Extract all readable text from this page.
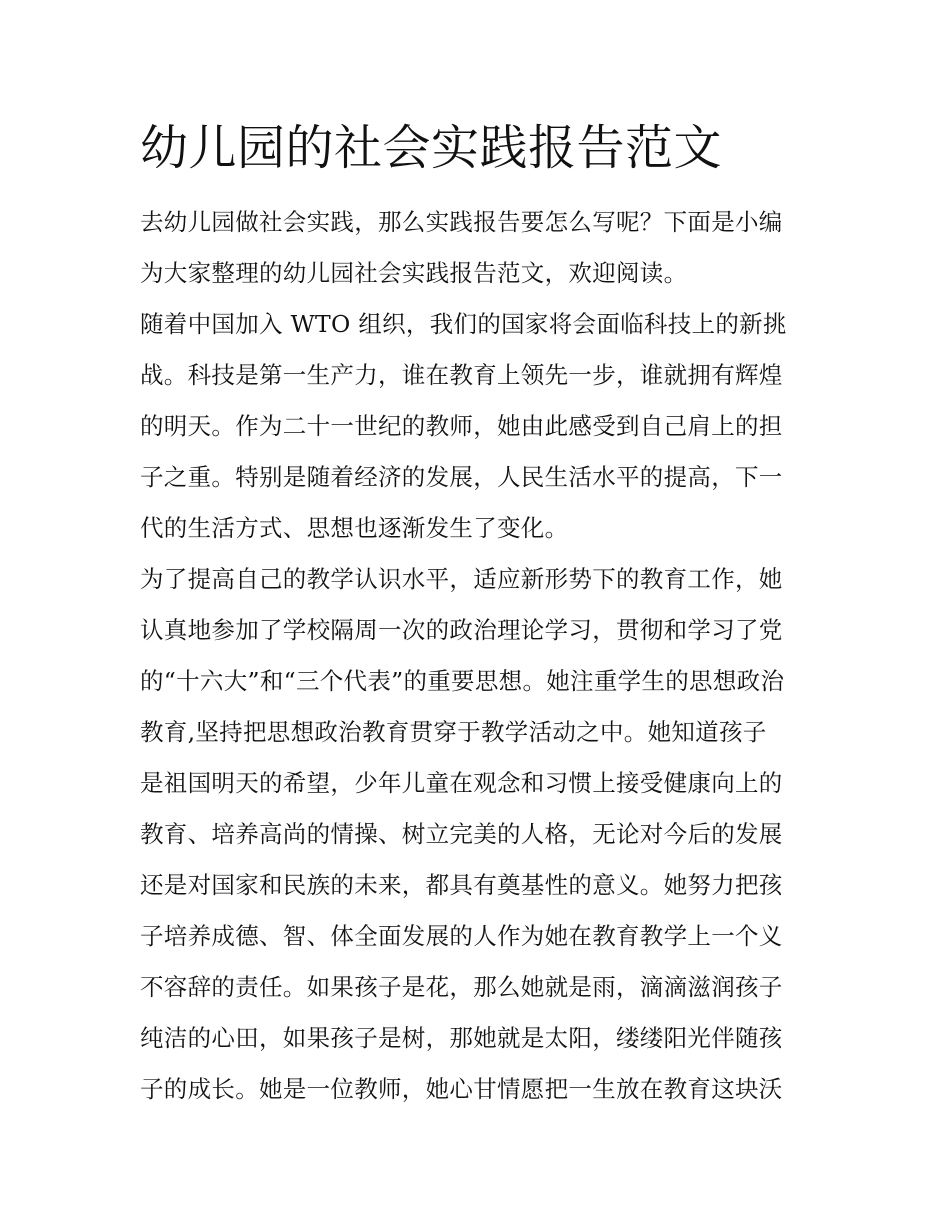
幼儿园的社会实践报告范文
去幼儿园做社会实践，那么实践报告要怎么写呢？下面是小编
为大家整理的幼儿园社会实践报告范文，欢迎阅读。
随着中国加入 WTO 组织，我们的国家将会面临科技上的新挑
战。科技是第一生产力，谁在教育上领先一步，谁就拥有辉煌
的明天。作为二十一世纪的教师，她由此感受到自己肩上的担
子之重。特别是随着经济的发展，人民生活水平的提高，下一
代的生活方式、思想也逐渐发生了变化。
为了提高自己的教学认识水平，适应新形势下的教育工作，她
认真地参加了学校隔周一次的政治理论学习，贯彻和学习了党
的“十六大”和“三个代表”的重要思想。她注重学生的思想政治
教育,坚持把思想政治教育贯穿于教学活动之中。她知道孩子
是祖国明天的希望，少年儿童在观念和习惯上接受健康向上的
教育、培养高尚的情操、树立完美的人格，无论对今后的发展
还是对国家和民族的未来，都具有奠基性的意义。她努力把孩
子培养成德、智、体全面发展的人作为她在教育教学上一个义
不容辞的责任。如果孩子是花，那么她就是雨，滴滴滋润孩子
纯洁的心田，如果孩子是树，那她就是太阳，缕缕阳光伴随孩
子的成长。她是一位教师，她心甘情愿把一生放在教育这块沃
